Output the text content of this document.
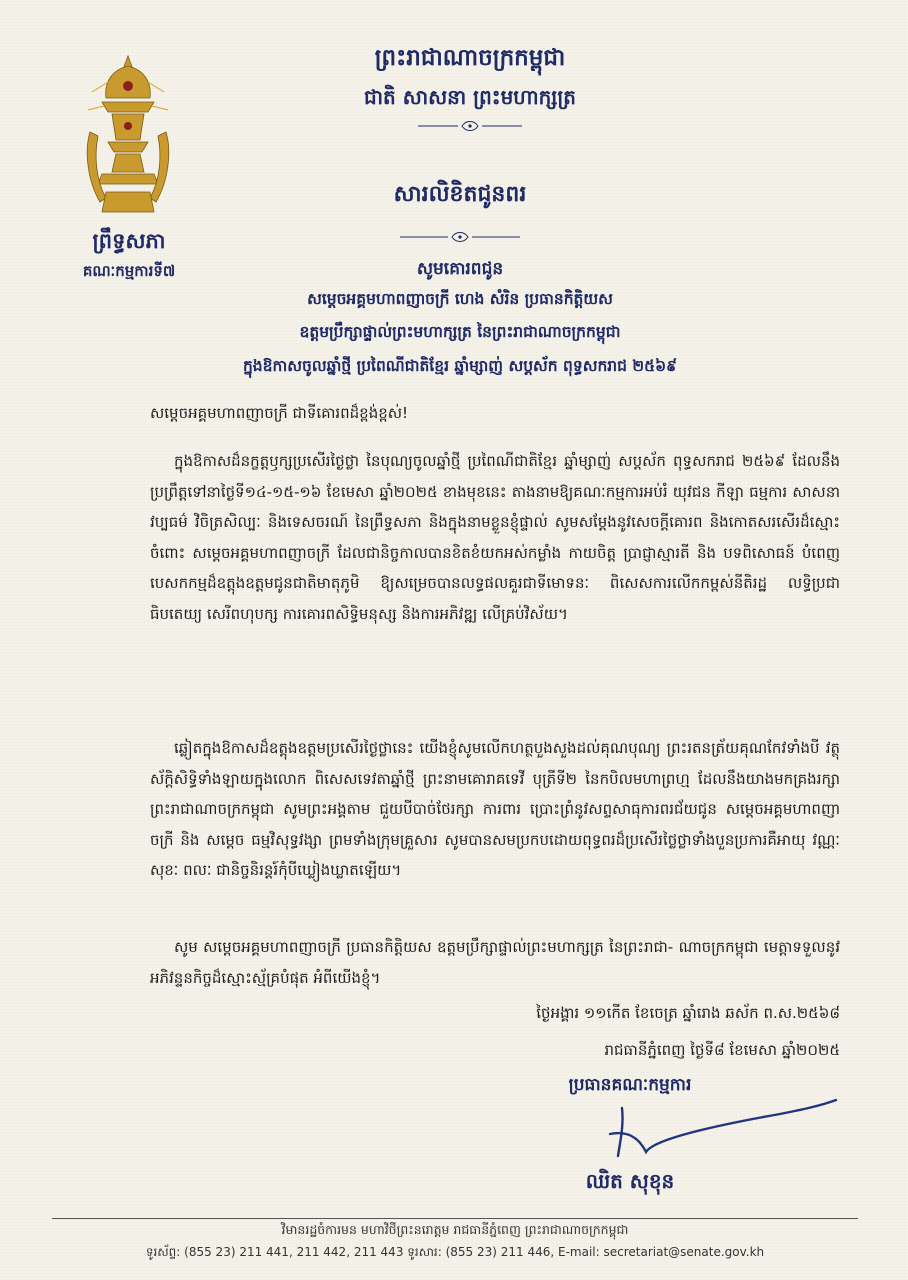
ព្រឹទ្ធសភា
គណៈកម្មការទី៧
ព្រះរាជាណាចក្រកម្ពុជា
ជាតិ សាសនា ព្រះមហាក្សត្រ
សារលិខិតជូនពរ
សូមគោរពជូន
សម្តេចអគ្គមហាពញាចក្រី ហេង សំរិន ប្រធានកិត្តិយស
ឧត្តមប្រឹក្សាផ្ទាល់ព្រះមហាក្សត្រ នៃព្រះរាជាណាចក្រកម្ពុជា
ក្នុងឱកាសចូលឆ្នាំថ្មី ប្រពៃណីជាតិខ្មែរ ឆ្នាំម្សាញ់ សប្តស័ក ពុទ្ធសករាជ ២៥៦៩
សម្តេចអគ្គមហាពញាចក្រី ជាទីគោរពដ៏ខ្ពង់ខ្ពស់!
ក្នុងឱកាសដ៏នក្ខត្តឫក្សប្រសើរថ្ងៃថ្លា នៃបុណ្យចូលឆ្នាំថ្មី ប្រពៃណីជាតិខ្មែរ ឆ្នាំម្សាញ់ សប្តស័ក ពុទ្ធសករាជ ២៥៦៩ ដែលនឹងប្រព្រឹត្តទៅនាថ្ងៃទី១៤-១៥-១៦ ខែមេសា ឆ្នាំ២០២៥ ខាងមុខនេះ តាងនាមឱ្យគណៈកម្មការអប់រំ យុវជន កីឡា ធម្មការ សាសនា វប្បធម៌ វិចិត្រសិល្បៈ និងទេសចរណ៍ នៃព្រឹទ្ធសភា និងក្នុងនាមខ្លួនខ្ញុំផ្ទាល់ សូមសម្តែងនូវសេចក្តីគោរព និងកោតសរសើរដ៏ស្មោះចំពោះ សម្តេចអគ្គមហាពញាចក្រី ដែលជានិច្ចកាលបានខិតខំយកអស់កម្លាំង កាយចិត្ត ប្រាជ្ញាស្មារតី និង បទពិសោធន៍ បំពេញបេសកកម្មដ៏ឧត្តុងឧត្តមជូនជាតិមាតុភូមិ ឱ្យសម្រេចបានលទ្ធផលគួរជាទីមោទនៈ ពិសេសការលើកកម្ពស់នីតិរដ្ឋ លទ្ធិប្រជាធិបតេយ្យ សេរីពហុបក្ស ការគោរពសិទ្ធិមនុស្ស និងការអភិវឌ្ឍ លើគ្រប់វិស័យ។
ឆ្លៀតក្នុងឱកាសដ៏ឧត្តុងឧត្តមប្រសើរថ្ងៃថ្លានេះ យើងខ្ញុំសូមលើកហត្ថបួងសួងដល់គុណបុណ្យ ព្រះរតនត្រ័យគុណកែវទាំងបី វត្ថុស័ក្តិសិទ្ធិទាំងឡាយក្នុងលោក ពិសេសទេវតាឆ្នាំថ្មី ព្រះនាមគោរាគទេវី បុត្រីទី២ នៃកបិលមហាព្រហ្ម ដែលនឹងយាងមកគ្រងរក្សាព្រះរាជាណាចក្រកម្ពុជា សូមព្រះអង្គតាម ជួយបីបាច់ថែរក្សា ការពារ ប្រោះព្រំនូវសព្ទសាធុការពរជ័យជូន សម្តេចអគ្គមហាពញាចក្រី និង សម្តេច ធម្មវិសុទ្ធវង្សា ព្រមទាំងក្រុមគ្រួសារ សូមបានសមប្រកបដោយពុទ្ធពរដ៏ប្រសើរថ្លៃថ្លាទាំងបួនប្រការគឺអាយុ វណ្ណៈ សុខៈ ពលៈ ជានិច្ចនិរន្តរ៍កុំបីឃ្លៀងឃ្លាតឡើយ។
សូម សម្តេចអគ្គមហាពញាចក្រី ប្រធានកិត្តិយស ឧត្តមប្រឹក្សាផ្ទាល់ព្រះមហាក្សត្រ នៃព្រះរាជា- ណាចក្រកម្ពុជា មេត្តាទទួលនូវអភិវន្ទនកិច្ចដ៏ស្មោះស្ម័គ្របំផុត អំពីយើងខ្ញុំ។
ថ្ងៃអង្គារ ១១កើត ខែចេត្រ ឆ្នាំរោង ឆស័ក ព.ស.២៥៦៨
រាជធានីភ្នំពេញ ថ្ងៃទី៨ ខែមេសា ឆ្នាំ២០២៥
ប្រធានគណៈកម្មការ
ឈិត សុខុន
វិមានរដ្ឋចំការមន មហាវិថីព្រះនរោត្តម រាជធានីភ្នំពេញ ព្រះរាជាណាចក្រកម្ពុជា
ទូរស័ព្ទ: (855 23) 211 441, 211 442, 211 443 ទូរសារ: (855 23) 211 446, E-mail: secretariat@senate.gov.kh
